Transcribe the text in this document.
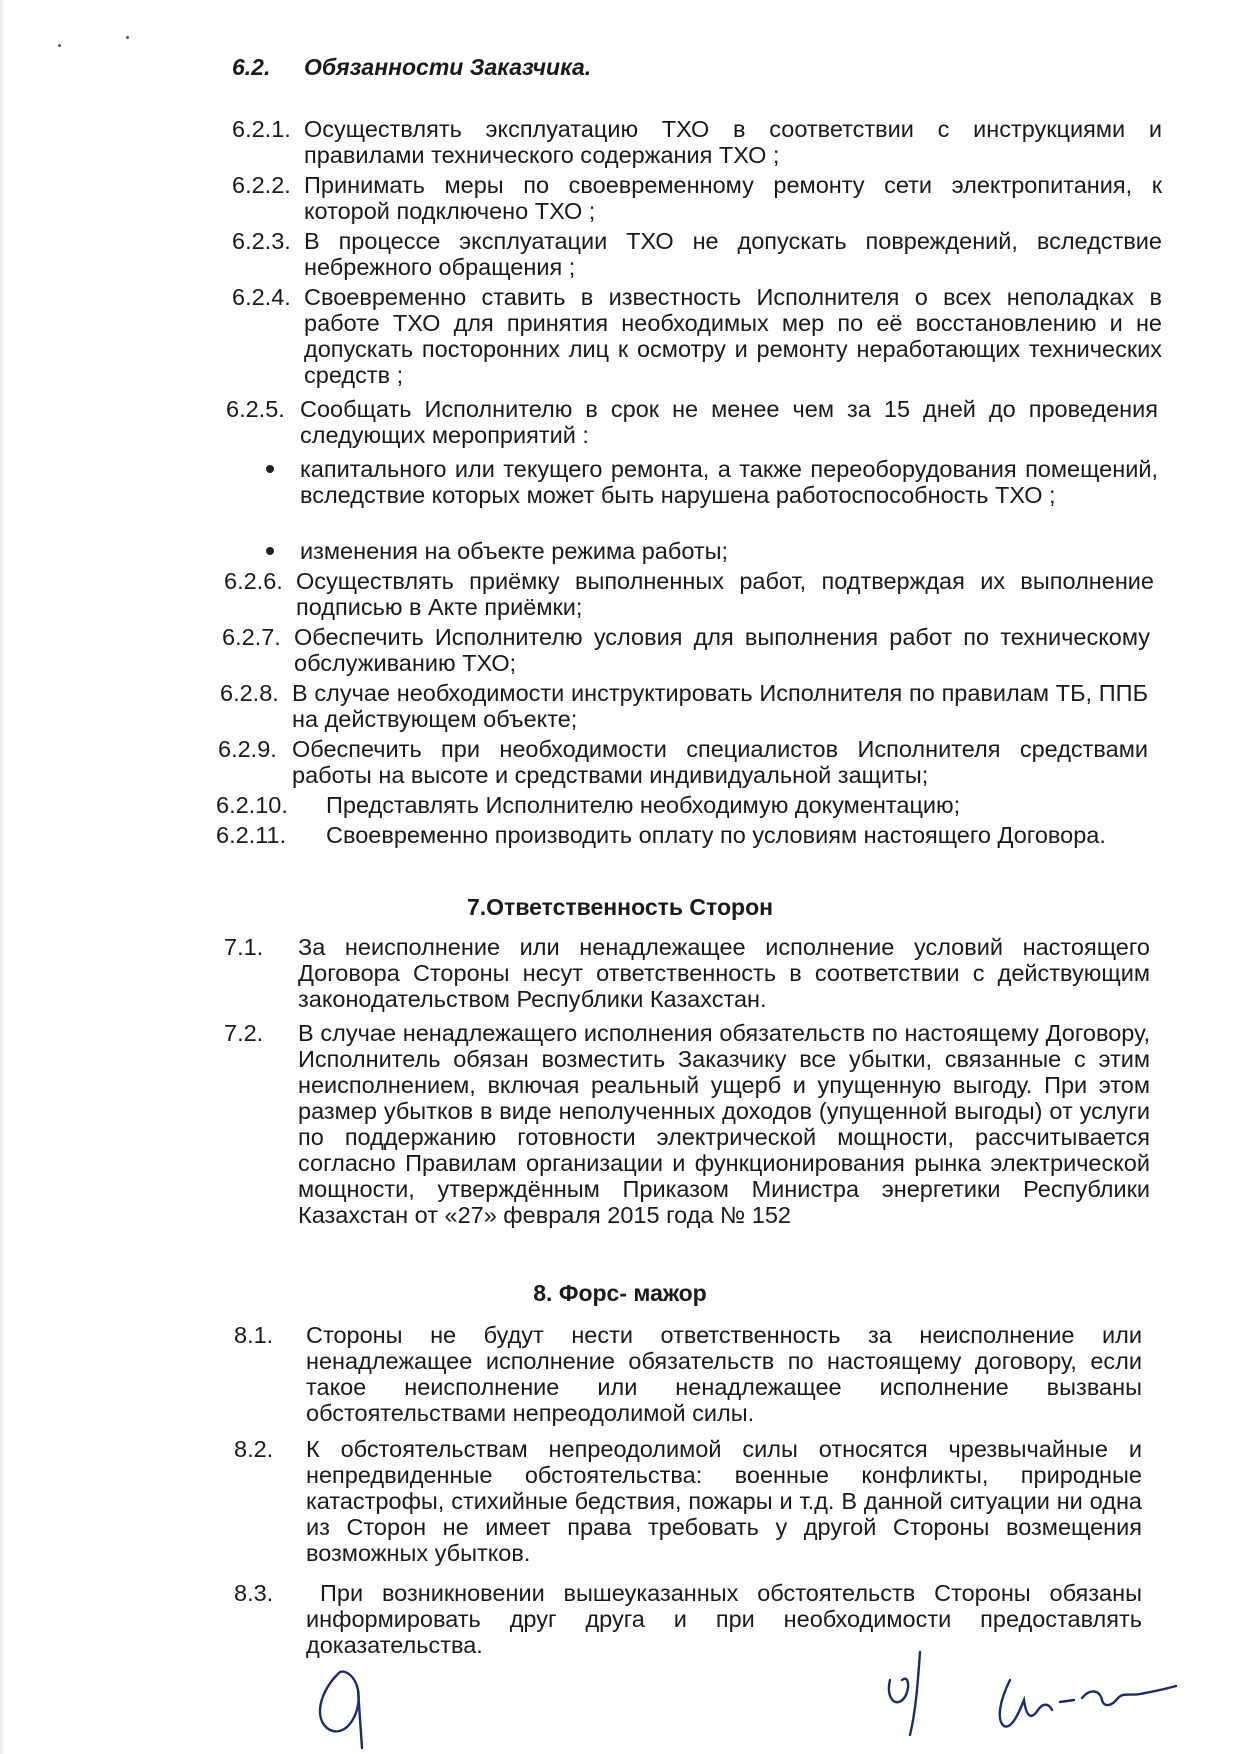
6.2. Обязанности Заказчика.
6.2.1. Осуществлять эксплуатацию ТХО в соответствии с инструкциями и правилами технического содержания ТХО ;
6.2.2. Принимать меры по своевременному ремонту сети электропитания, к которой подключено ТХО ;
6.2.3. В процессе эксплуатации ТХО не допускать повреждений, вследствие небрежного обращения ;
6.2.4. Своевременно ставить в известность Исполнителя о всех неполадках в работе ТХО для принятия необходимых мер по её восстановлению и не допускать посторонних лиц к осмотру и ремонту неработающих технических средств ;
6.2.5. Сообщать Исполнителю в срок не менее чем за 15 дней до проведения следующих мероприятий :
капитального или текущего ремонта, а также переоборудования помещений, вследствие которых может быть нарушена работоспособность ТХО ;
изменения на объекте режима работы;
6.2.6. Осуществлять приёмку выполненных работ, подтверждая их выполнение подписью в Акте приёмки;
6.2.7. Обеспечить Исполнителю условия для выполнения работ по техническому обслуживанию ТХО;
6.2.8. В случае необходимости инструктировать Исполнителя по правилам ТБ, ППБ на действующем объекте;
6.2.9. Обеспечить при необходимости специалистов Исполнителя средствами работы на высоте и средствами индивидуальной защиты;
6.2.10. Представлять Исполнителю необходимую документацию;
6.2.11. Своевременно производить оплату по условиям настоящего Договора.
7.Ответственность Сторон
7.1. За неисполнение или ненадлежащее исполнение условий настоящего Договора Стороны несут ответственность в соответствии с действующим законодательством Республики Казахстан.
7.2. В случае ненадлежащего исполнения обязательств по настоящему Договору, Исполнитель обязан возместить Заказчику все убытки, связанные с этим неисполнением, включая реальный ущерб и упущенную выгоду. При этом размер убытков в виде неполученных доходов (упущенной выгоды) от услуги по поддержанию готовности электрической мощности, рассчитывается согласно Правилам организации и функционирования рынка электрической мощности, утверждённым Приказом Министра энергетики Республики Казахстан от «27» февраля 2015 года № 152
8. Форс- мажор
8.1. Стороны не будут нести ответственность за неисполнение или ненадлежащее исполнение обязательств по настоящему договору, если такое неисполнение или ненадлежащее исполнение вызваны обстоятельствами непреодолимой силы.
8.2. К обстоятельствам непреодолимой силы относятся чрезвычайные и непредвиденные обстоятельства: военные конфликты, природные катастрофы, стихийные бедствия, пожары и т.д. В данной ситуации ни одна из Сторон не имеет права требовать у другой Стороны возмещения возможных убытков.
8.3.	При возникновении вышеуказанных обстоятельств Стороны обязаны информировать друг друга и при необходимости предоставлять доказательства.
